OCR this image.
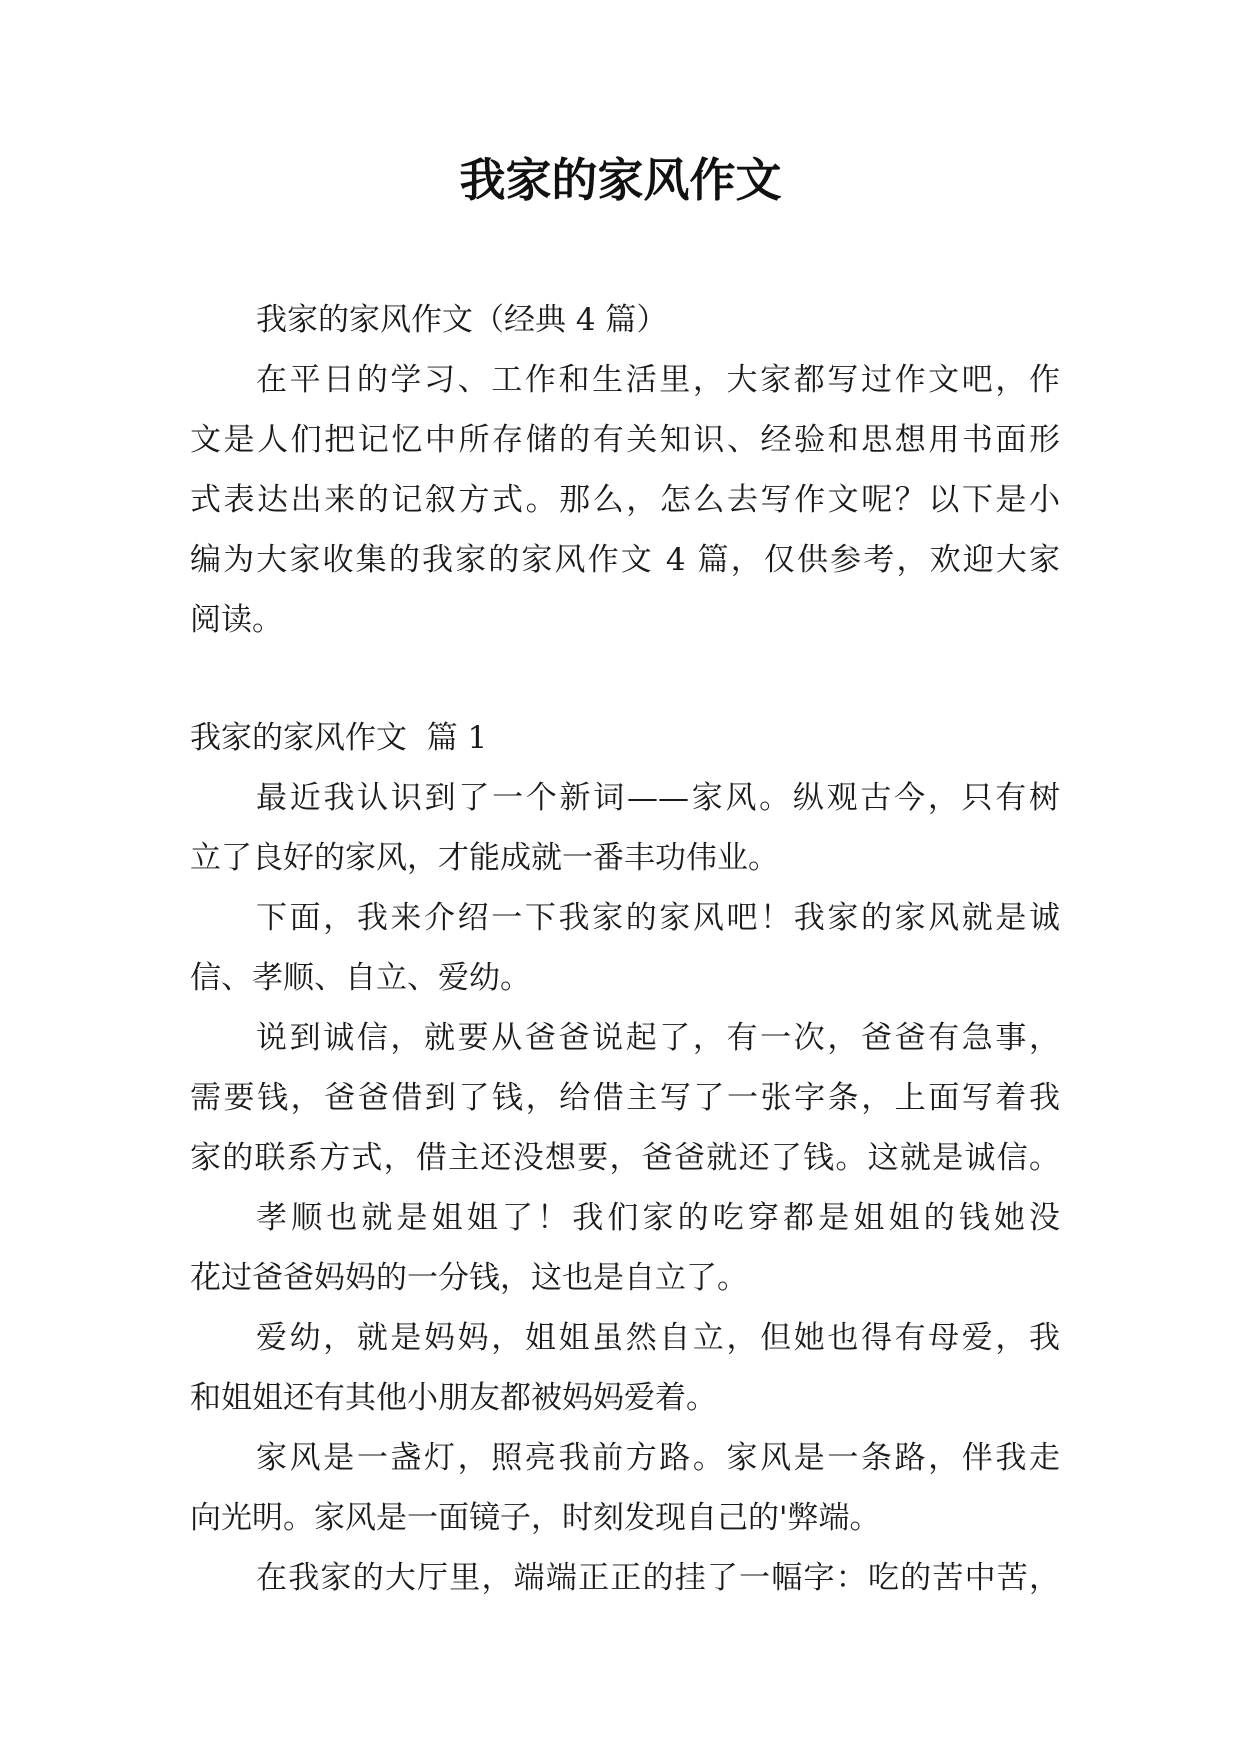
我家的家风作文
我家的家风作文（经典 4 篇）
在平日的学习、工作和生活里，大家都写过作文吧，作
文是人们把记忆中所存储的有关知识、经验和思想用书面形
式表达出来的记叙方式。那么，怎么去写作文呢？以下是小
编为大家收集的我家的家风作文 4 篇，仅供参考，欢迎大家
阅读。
我家的家风作文  篇 1
最近我认识到了一个新词——家风。纵观古今，只有树
立了良好的家风，才能成就一番丰功伟业。
下面，我来介绍一下我家的家风吧！我家的家风就是诚
信、孝顺、自立、爱幼。
说到诚信，就要从爸爸说起了，有一次，爸爸有急事，
需要钱，爸爸借到了钱，给借主写了一张字条，上面写着我
家的联系方式，借主还没想要，爸爸就还了钱。这就是诚信。
孝顺也就是姐姐了！我们家的吃穿都是姐姐的钱她没
花过爸爸妈妈的一分钱，这也是自立了。
爱幼，就是妈妈，姐姐虽然自立，但她也得有母爱，我
和姐姐还有其他小朋友都被妈妈爱着。
家风是一盏灯，照亮我前方路。家风是一条路，伴我走
向光明。家风是一面镜子，时刻发现自己的'弊端。
在我家的大厅里，端端正正的挂了一幅字：吃的苦中苦，
